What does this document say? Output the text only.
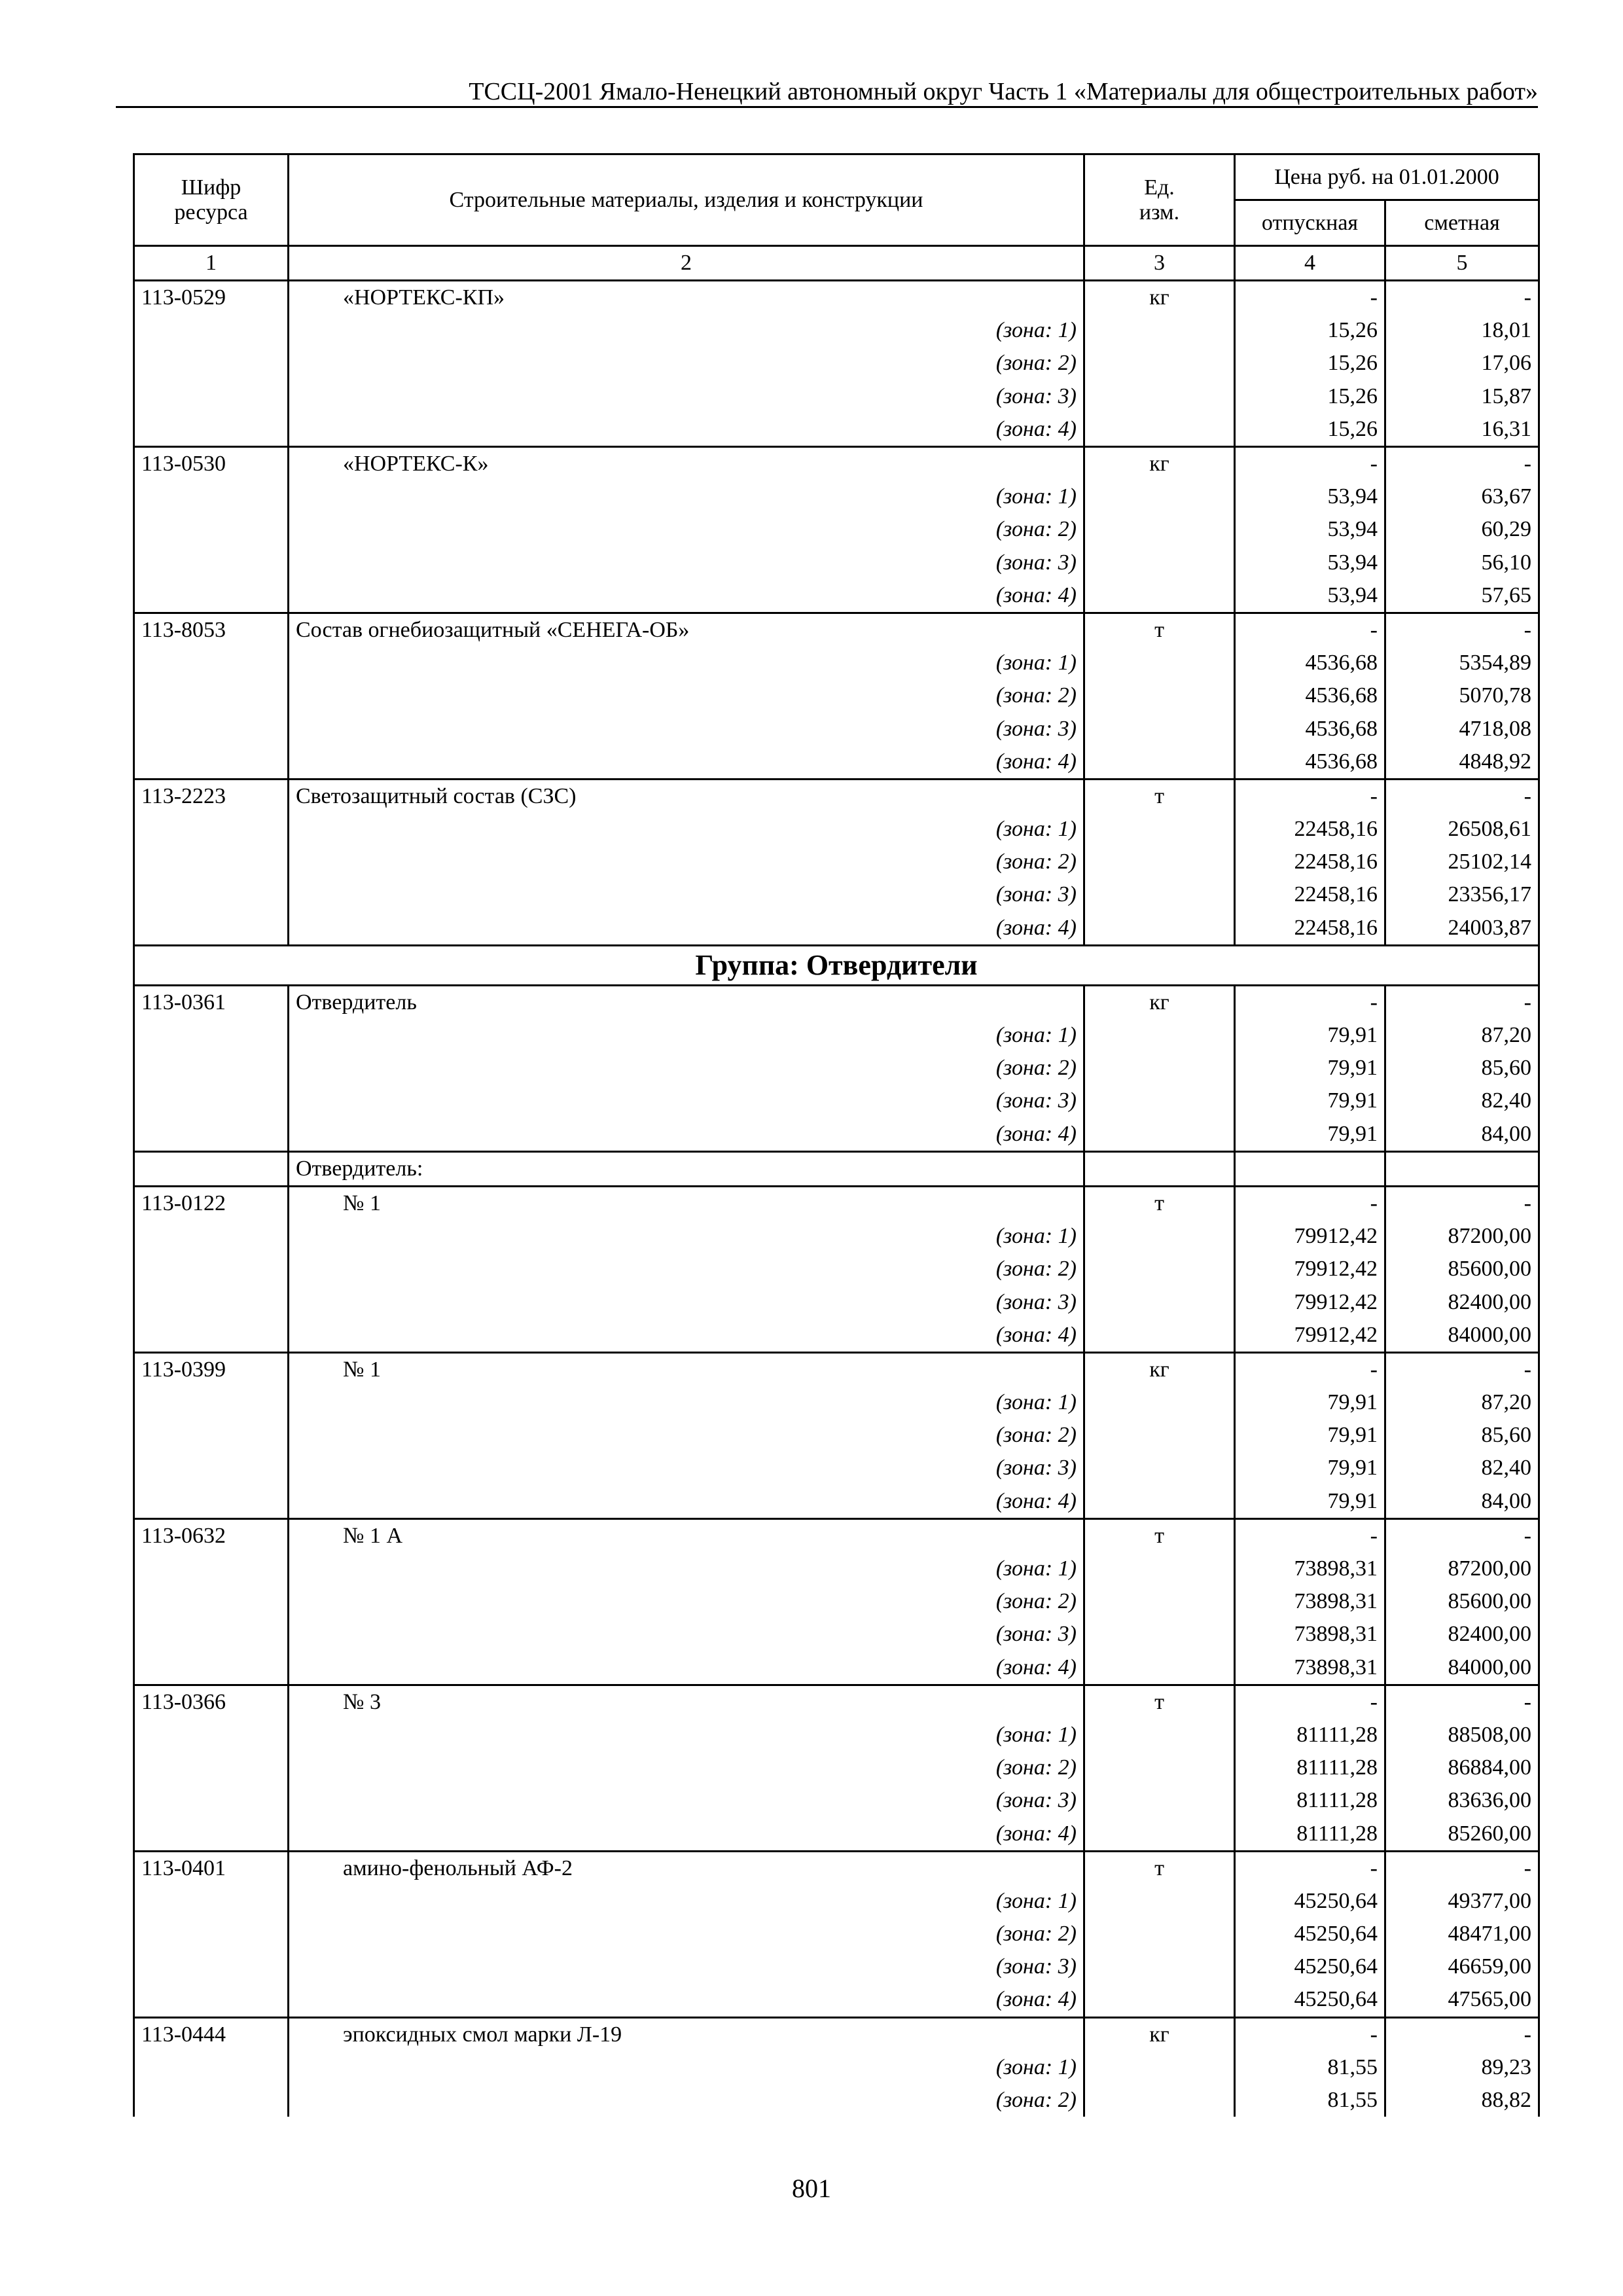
ТССЦ-2001 Ямало-Ненецкий автономный округ Часть 1 «Материалы для общестроительных работ»
Шифр ресурса	Строительные материалы, изделия и конструкции	Ед. изм.	Цена руб. на 01.01.2000	
			отпускная	сметная
1	2	3	4	5
113-0529	«НОРТЕКС-КП»	кг	-	-
	(зона: 1)		15,26	18,01
	(зона: 2)		15,26	17,06
	(зона: 3)		15,26	15,87
	(зона: 4)		15,26	16,31
113-0530	«НОРТЕКС-К»	кг	-	-
	(зона: 1)		53,94	63,67
	(зона: 2)		53,94	60,29
	(зона: 3)		53,94	56,10
	(зона: 4)		53,94	57,65
113-8053	Состав огнебиозащитный «СЕНЕГА-ОБ»	т	-	-
	(зона: 1)		4536,68	5354,89
	(зона: 2)		4536,68	5070,78
	(зона: 3)		4536,68	4718,08
	(зона: 4)		4536,68	4848,92
113-2223	Светозащитный состав (СЗС)	т	-	-
	(зона: 1)		22458,16	26508,61
	(зона: 2)		22458,16	25102,14
	(зона: 3)		22458,16	23356,17
	(зона: 4)		22458,16	24003,87
Группа: Отвердители				
113-0361	Отвердитель	кг	-	-
	(зона: 1)		79,91	87,20
	(зона: 2)		79,91	85,60
	(зона: 3)		79,91	82,40
	(зона: 4)		79,91	84,00
	Отвердитель:			
113-0122	№ 1	т	-	-
	(зона: 1)		79912,42	87200,00
	(зона: 2)		79912,42	85600,00
	(зона: 3)		79912,42	82400,00
	(зона: 4)		79912,42	84000,00
113-0399	№ 1	кг	-	-
	(зона: 1)		79,91	87,20
	(зона: 2)		79,91	85,60
	(зона: 3)		79,91	82,40
	(зона: 4)		79,91	84,00
113-0632	№ 1 А	т	-	-
	(зона: 1)		73898,31	87200,00
	(зона: 2)		73898,31	85600,00
	(зона: 3)		73898,31	82400,00
	(зона: 4)		73898,31	84000,00
113-0366	№ 3	т	-	-
	(зона: 1)		81111,28	88508,00
	(зона: 2)		81111,28	86884,00
	(зона: 3)		81111,28	83636,00
	(зона: 4)		81111,28	85260,00
113-0401	амино-фенольный АФ-2	т	-	-
	(зона: 1)		45250,64	49377,00
	(зона: 2)		45250,64	48471,00
	(зона: 3)		45250,64	46659,00
	(зона: 4)		45250,64	47565,00
113-0444	эпоксидных смол марки Л-19	кг	-	-
	(зона: 1)		81,55	89,23
	(зона: 2)		81,55	88,82
801
